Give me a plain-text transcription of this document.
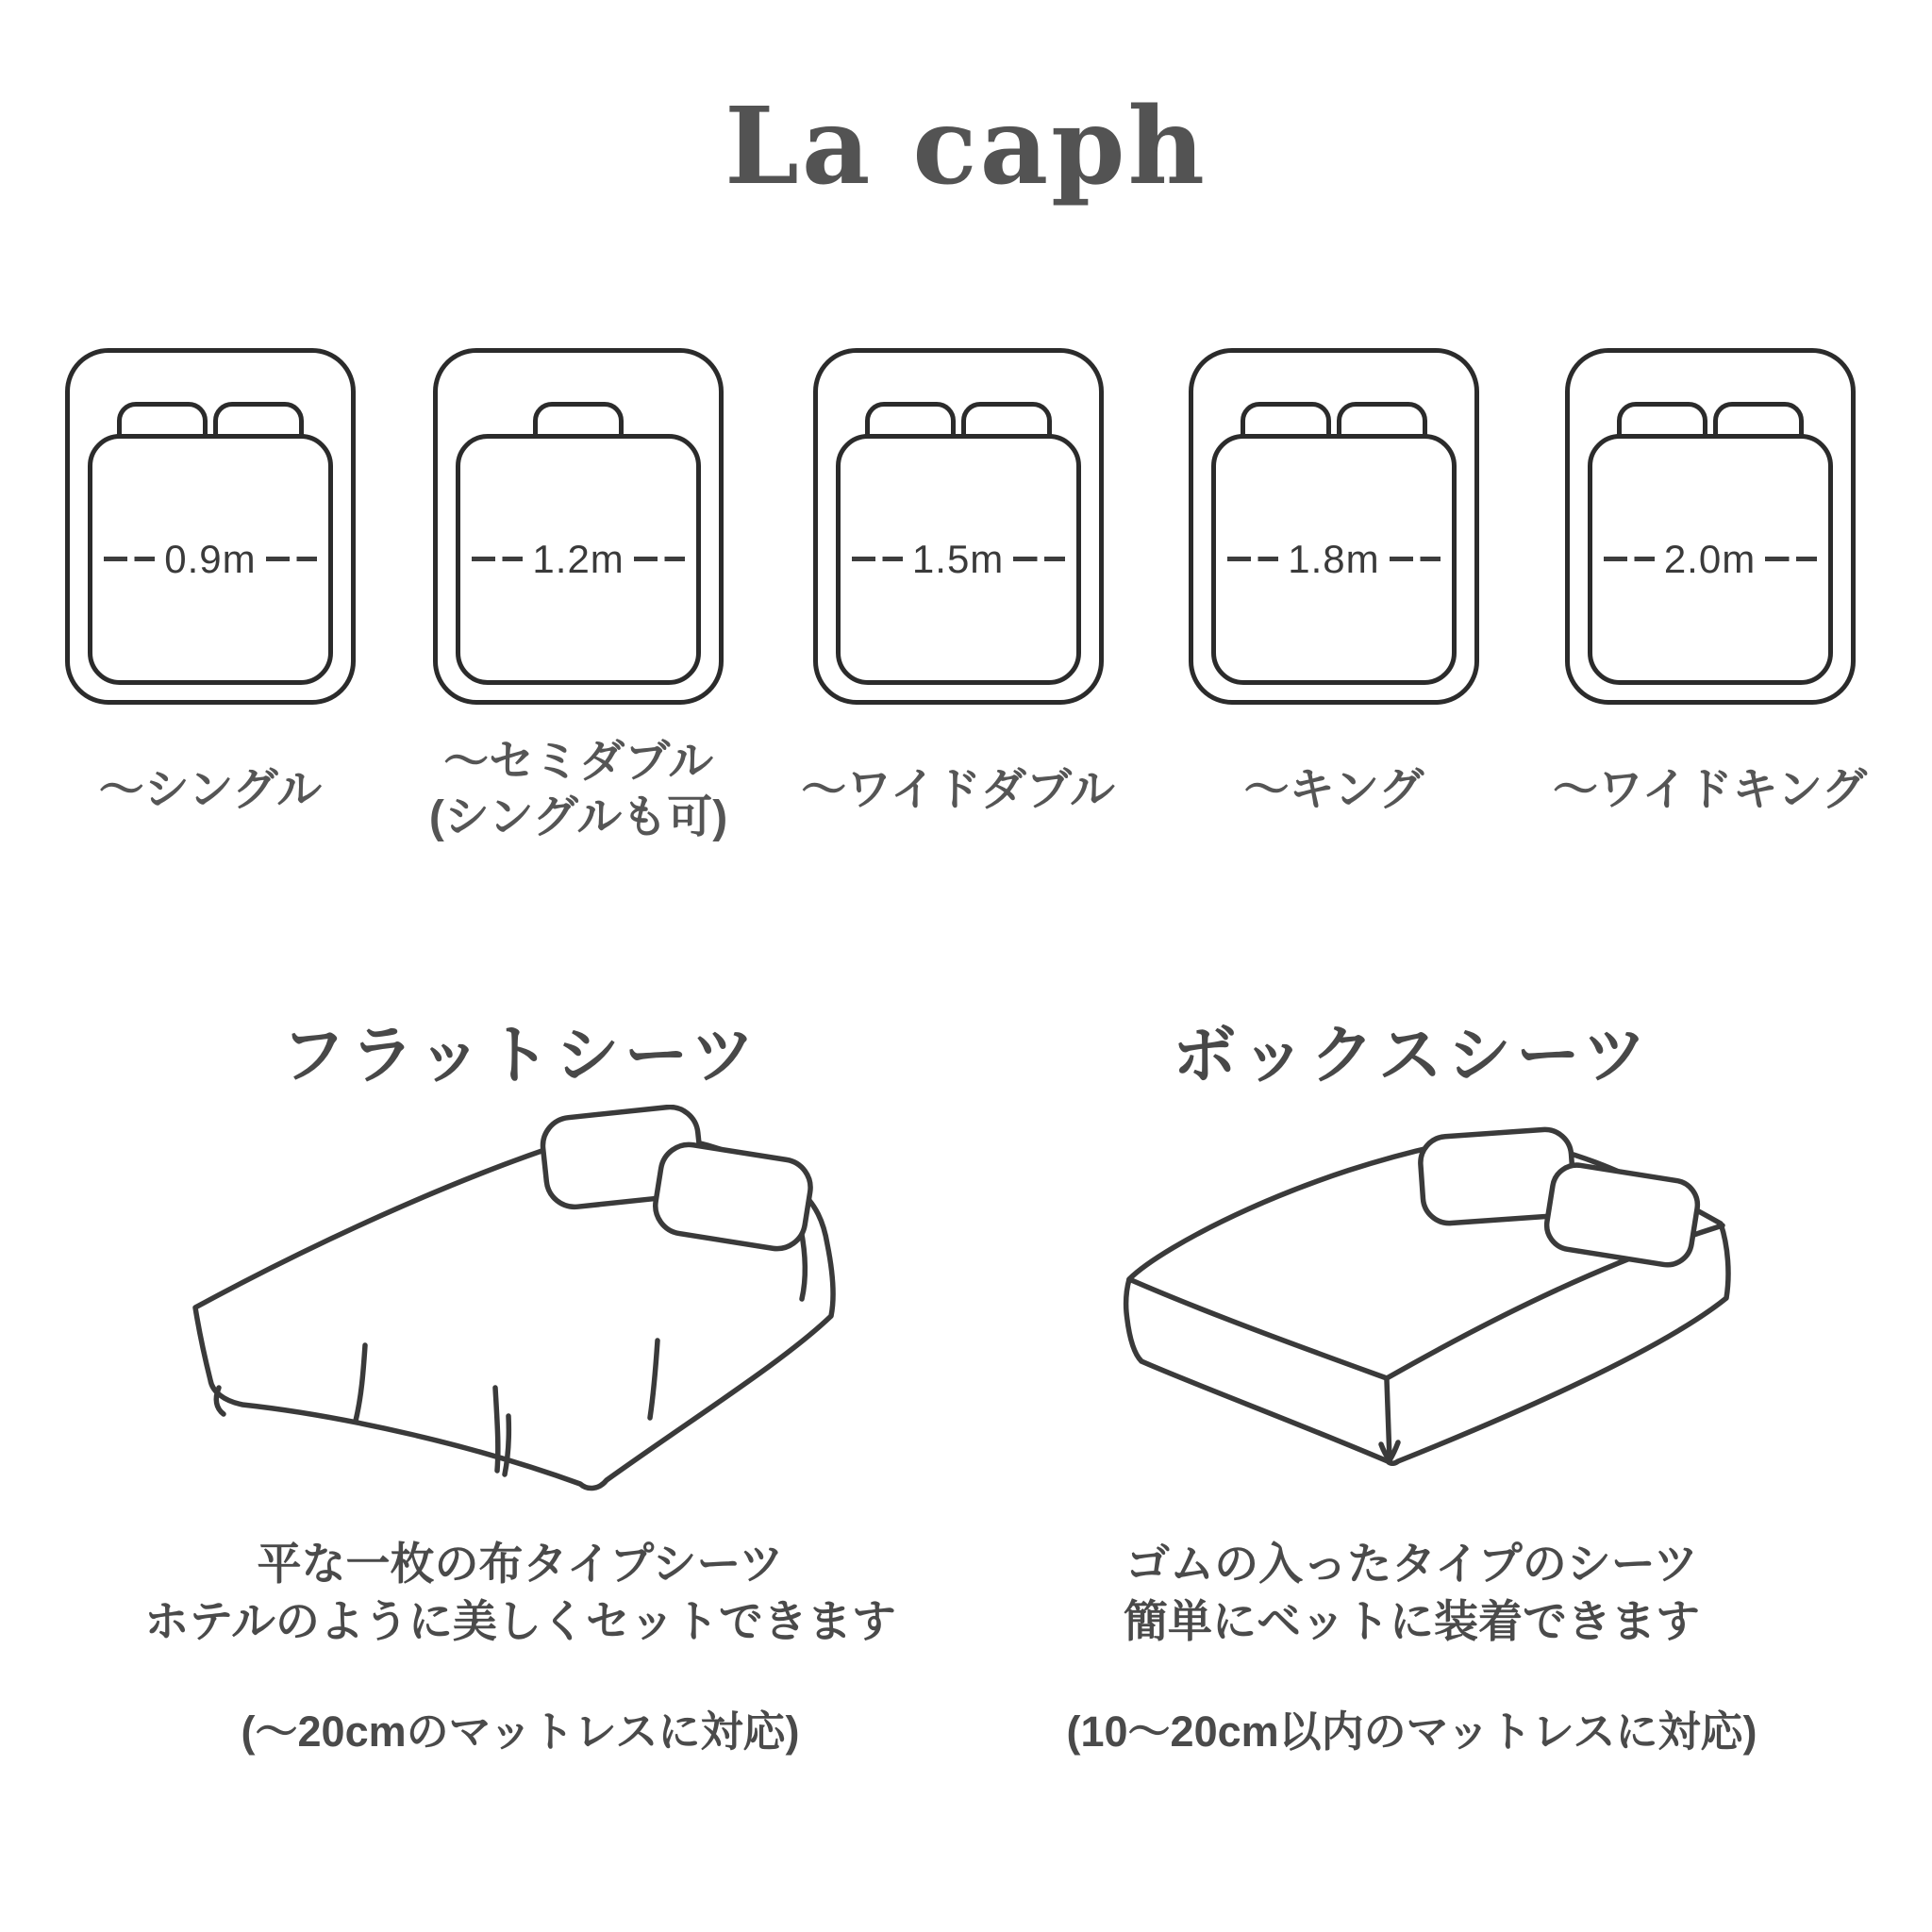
La caph
0.9m
〜シングル
1.2m
〜セミダブル
(シングルも可)
1.5m
〜ワイドダブル
1.8m
〜キング
2.0m
〜ワイドキング
フラットシーツ

平な一枚の布タイプシーツ
ホテルのように美しくセットできます

(〜20cmのマットレスに対応)

ボックスシーツ

ゴムの入ったタイプのシーツ
簡単にベットに装着できます

(10〜20cm以内のマットレスに対応)
